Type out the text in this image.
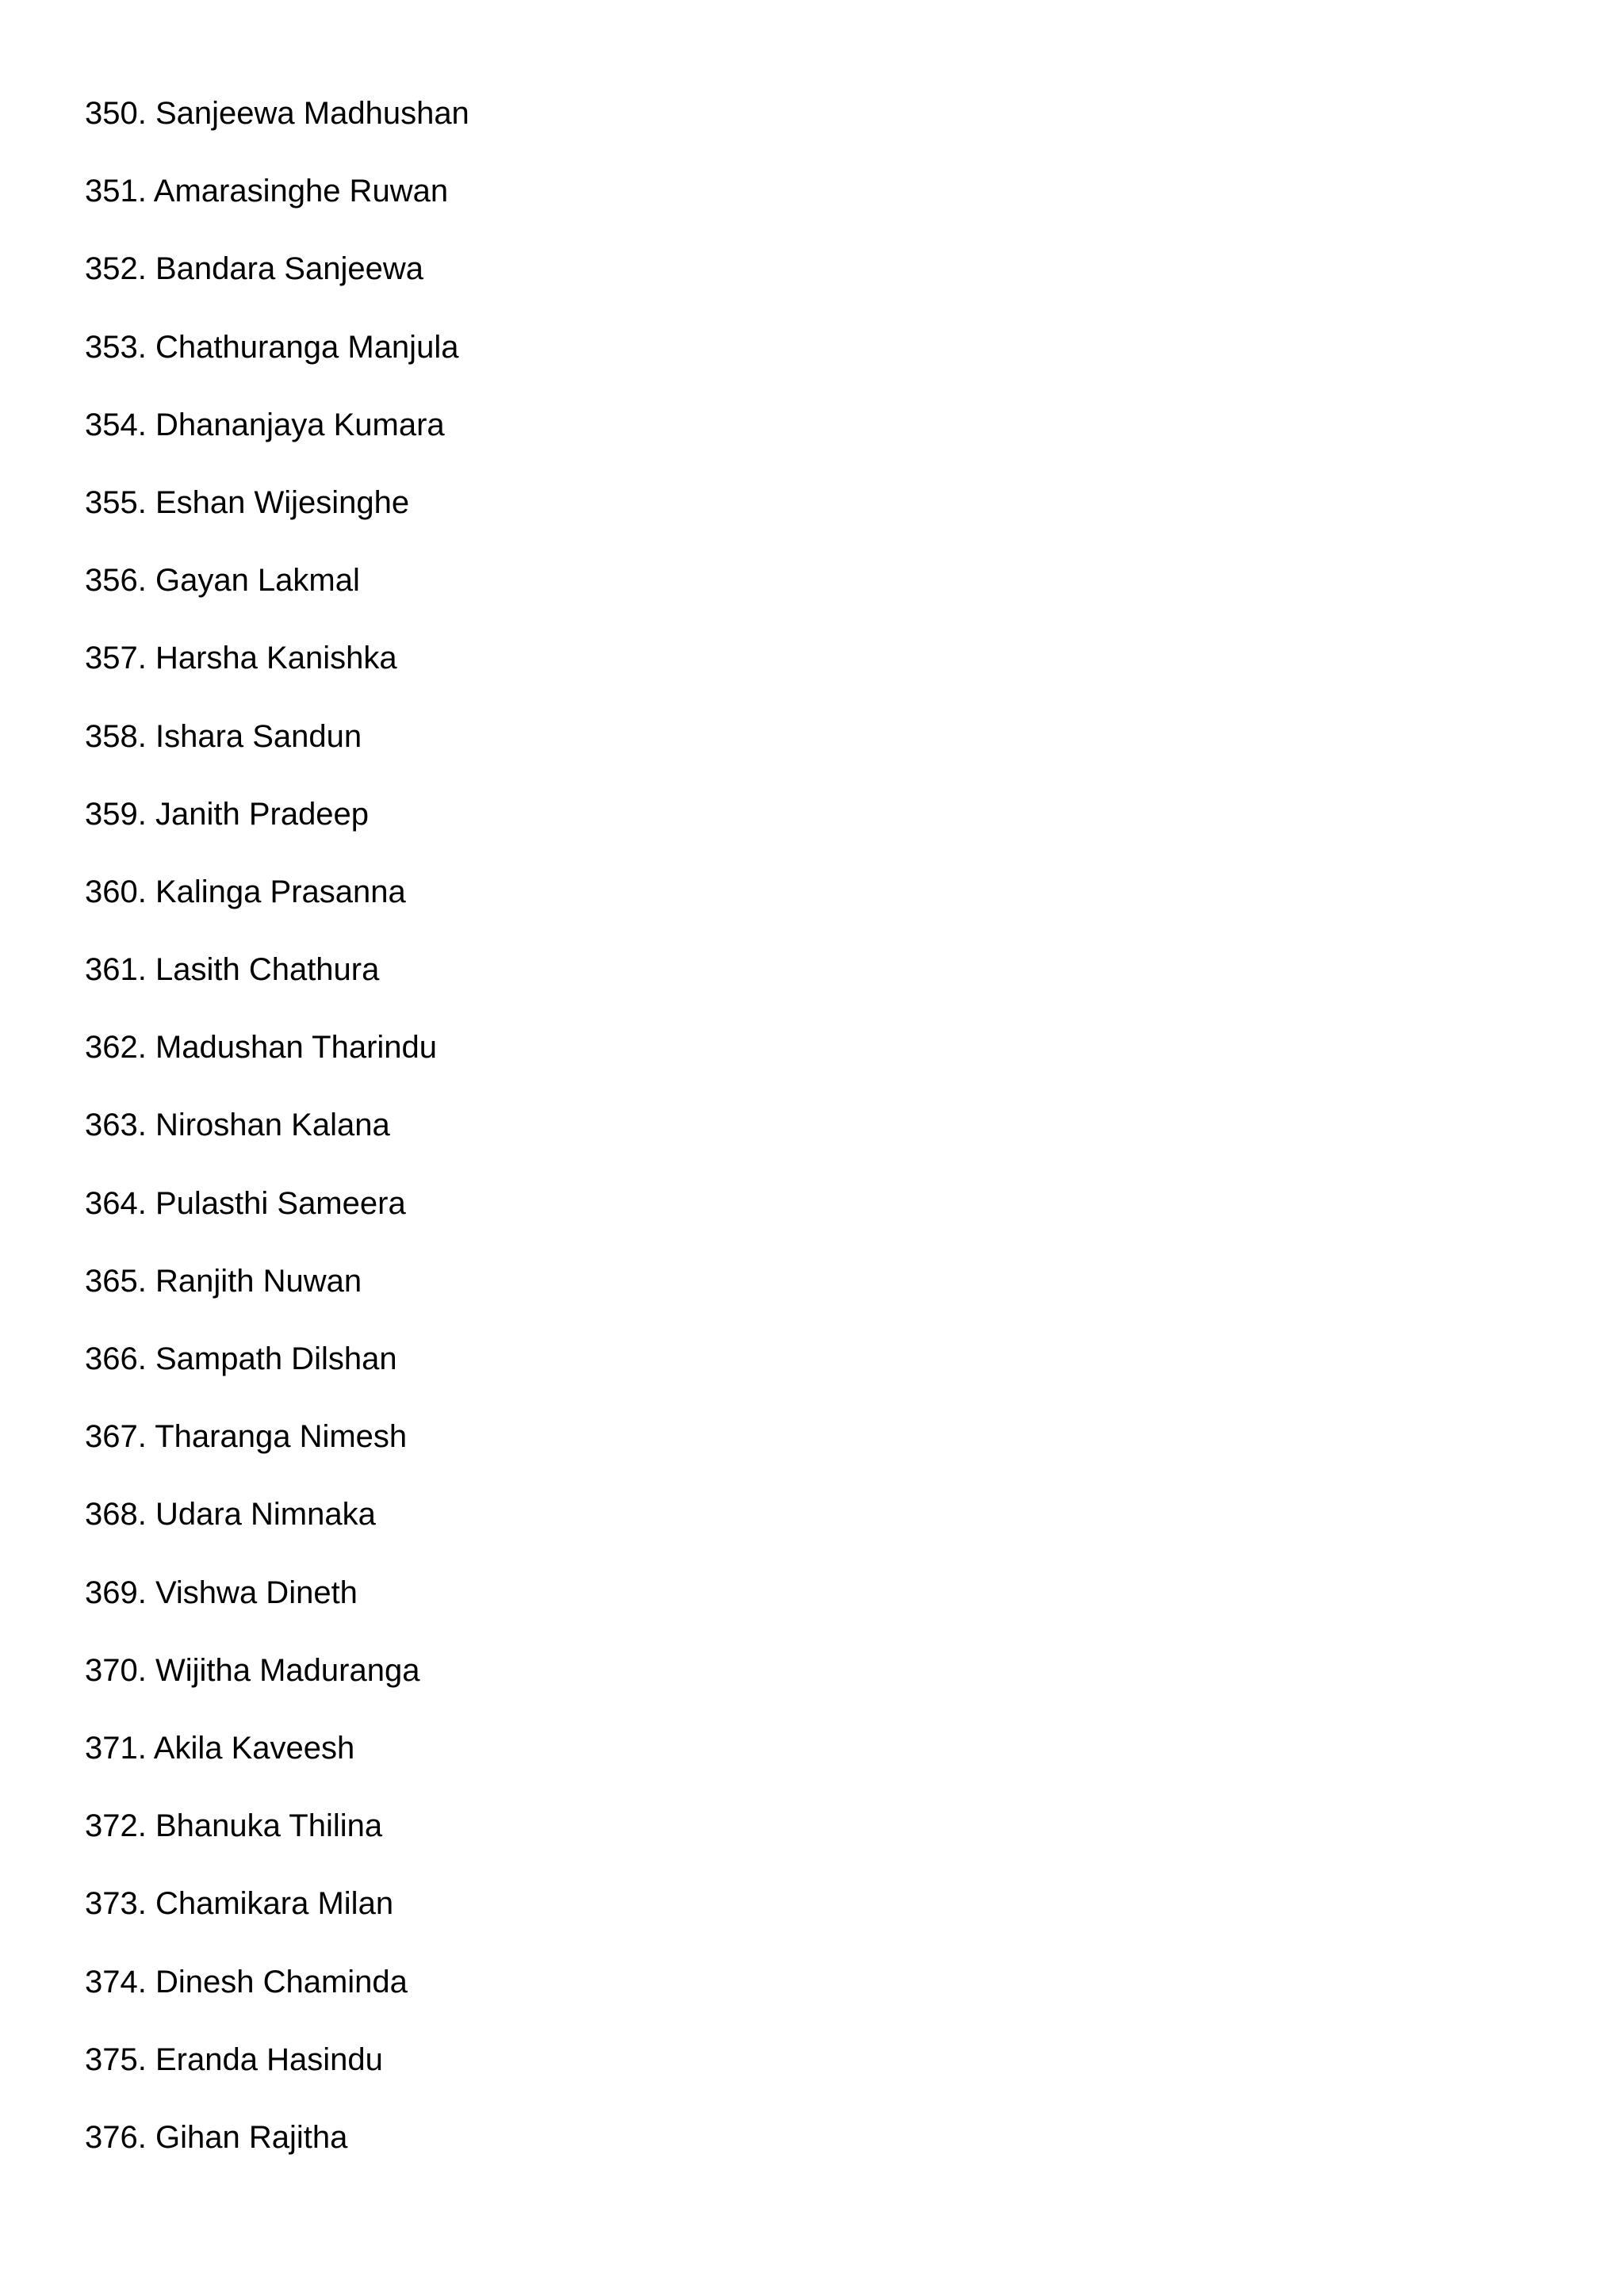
350. Sanjeewa Madhushan
351. Amarasinghe Ruwan
352. Bandara Sanjeewa
353. Chathuranga Manjula
354. Dhananjaya Kumara
355. Eshan Wijesinghe
356. Gayan Lakmal
357. Harsha Kanishka
358. Ishara Sandun
359. Janith Pradeep
360. Kalinga Prasanna
361. Lasith Chathura
362. Madushan Tharindu
363. Niroshan Kalana
364. Pulasthi Sameera
365. Ranjith Nuwan
366. Sampath Dilshan
367. Tharanga Nimesh
368. Udara Nimnaka
369. Vishwa Dineth
370. Wijitha Maduranga
371. Akila Kaveesh
372. Bhanuka Thilina
373. Chamikara Milan
374. Dinesh Chaminda
375. Eranda Hasindu
376. Gihan Rajitha
